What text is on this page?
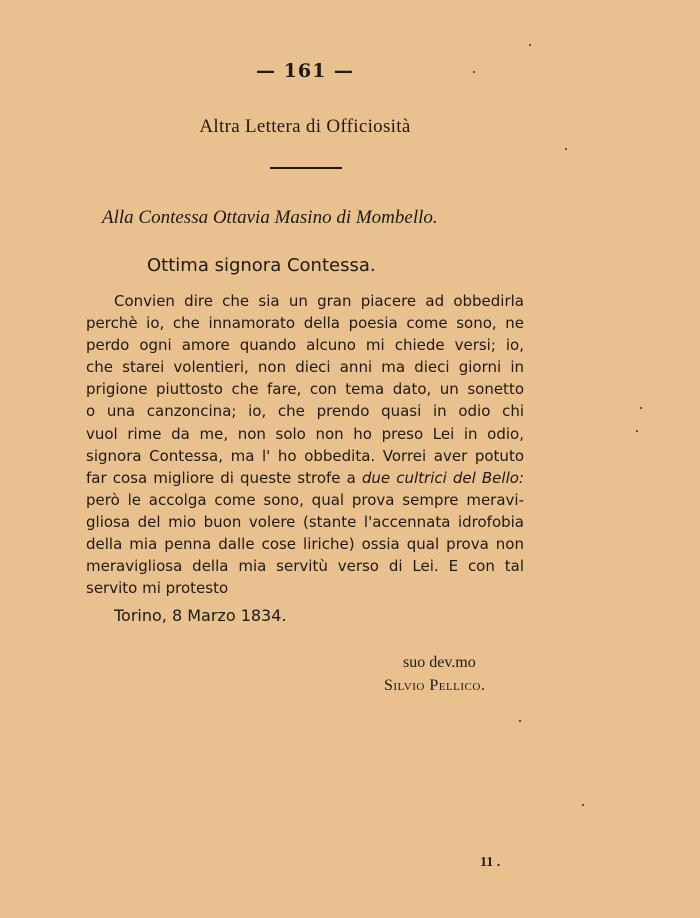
— 161 —
Altra Lettera di Officiosità
Alla Contessa Ottavia Masino di Mombello.
Ottima signora Contessa.
Convien dire che sia un gran piacere ad obbedirla
perchè io, che innamorato della poesia come sono, ne
perdo ogni amore quando alcuno mi chiede versi; io,
che starei volentieri, non dieci anni ma dieci giorni in
prigione piuttosto che fare, con tema dato, un sonetto
o una canzoncina; io, che prendo quasi in odio chi
vuol rime da me, non solo non ho preso Lei in odio,
signora Contessa, ma l' ho obbedita. Vorrei aver potuto
far cosa migliore di queste strofe a due cultrici del Bello:
però le accolga come sono, qual prova sempre meravi-
gliosa del mio buon volere (stante l'accennata idrofobia
della mia penna dalle cose liriche) ossia qual prova non
meravigliosa della mia servitù verso di Lei. E con tal
servito mi protesto
Torino, 8 Marzo 1834.
suo dev.mo
Silvio Pellico.
11 .
